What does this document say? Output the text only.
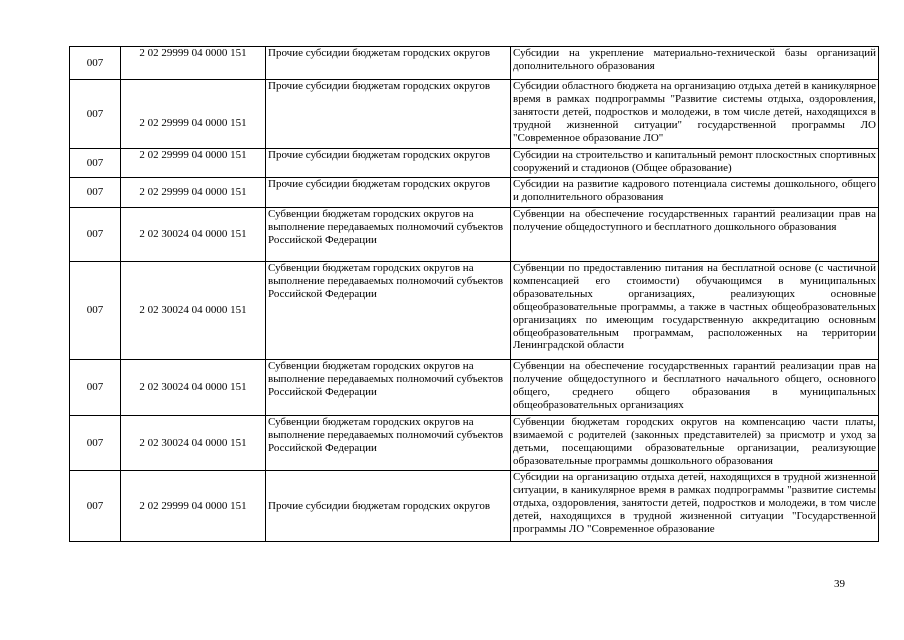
007	2 02 29999 04 0000 151	Прочие субсидии бюджетам городских округов	Субсидии на укрепление материально-технической базы организаций дополнительного образования
007	2 02 29999 04 0000 151	Прочие субсидии бюджетам городских округов	Субсидии областного бюджета на организацию отдыха детей в каникулярное время в рамках подпрограммы "Развитие системы отдыха, оздоровления, занятости детей, подростков и молодежи, в том числе детей, находящихся в трудной жизненной ситуации" государственной программы ЛО "Современное образование ЛО"
007	2 02 29999 04 0000 151	Прочие субсидии бюджетам городских округов	Субсидии на строительство и капитальный ремонт плоскостных спортивных сооружений и стадионов (Общее образование)
007	2 02 29999 04 0000 151	Прочие субсидии бюджетам городских округов	Субсидии на развитие кадрового потенциала системы дошкольного, общего и дополнительного образования
007	2 02 30024 04 0000 151	Субвенции бюджетам городских округов на выполнение передаваемых полномочий субъектов Российской Федерации	Субвенции на обеспечение государственных гарантий реализации прав на получение общедоступного и бесплатного дошкольного образования
007	2 02 30024 04 0000 151	Субвенции бюджетам городских округов на выполнение передаваемых полномочий субъектов Российской Федерации	Субвенции по предоставлению питания на бесплатной основе (с частичной компенсацией его стоимости) обучающимся в муниципальных образовательных организациях, реализующих основные общеобразовательные программы, а также в частных общеобразовательных организациях по имеющим государственную аккредитацию основным общеобразовательным программам, расположенных на территории Ленинградской области
007	2 02 30024 04 0000 151	Субвенции бюджетам городских округов на выполнение передаваемых полномочий субъектов Российской Федерации	Субвенции на обеспечение государственных гарантий реализации прав на получение общедоступного и бесплатного начального общего, основного общего, среднего общего образования в муниципальных общеобразовательных организациях
007	2 02 30024 04 0000 151	Субвенции бюджетам городских округов на выполнение передаваемых полномочий субъектов Российской Федерации	Субвенции бюджетам городских округов на компенсацию части платы, взимаемой с родителей (законных представителей) за присмотр и уход за детьми, посещающими образовательные организации, реализующие образовательные программы дошкольного образования
007	2 02 29999 04 0000 151	Прочие субсидии бюджетам городских округов	Субсидии на организацию отдыха детей, находящихся в трудной жизненной ситуации, в каникулярное время в рамках подпрограммы "развитие системы отдыха, оздоровления, занятости детей, подростков и молодежи, в том числе детей, находящихся в трудной жизненной ситуации "Государственной программы ЛО "Современное образование
39
